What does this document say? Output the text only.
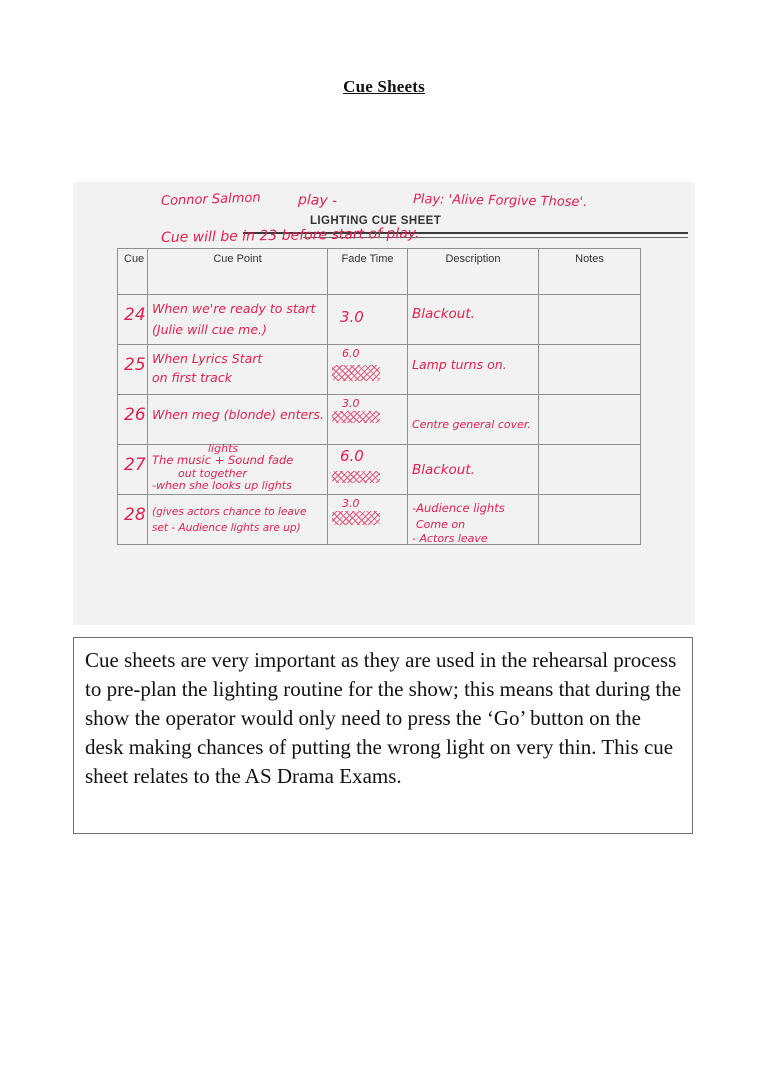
Cue Sheets
Connor Salmon	play -	Play: 'Alive Forgive Those'.
LIGHTING CUE SHEET
Cue will be in 23 before start of play.
Cue	Cue Point	Fade Time	Description	Notes

24	When we're ready to start
(Julie will cue me.)	3.0	Blackout.	

25	When Lyrics Start
on first track	6.0	Lamp turns on.	

26	When meg (blonde) enters.	3.0	Centre general cover.	

27	lights
The music + Sound fade
out together
-when she looks up lights	6.0	Blackout.	

28	(gives actors chance to leave
set - Audience lights are up)	3.0	-Audience lights
Come on
- Actors leave	

Cue sheets are very important as they are used in the rehearsal process to pre-plan the lighting routine for the show; this means that during the show the operator would only need to press the ‘Go’ button on the desk making chances of putting the wrong light on very thin. This cue sheet relates to the AS Drama Exams.
